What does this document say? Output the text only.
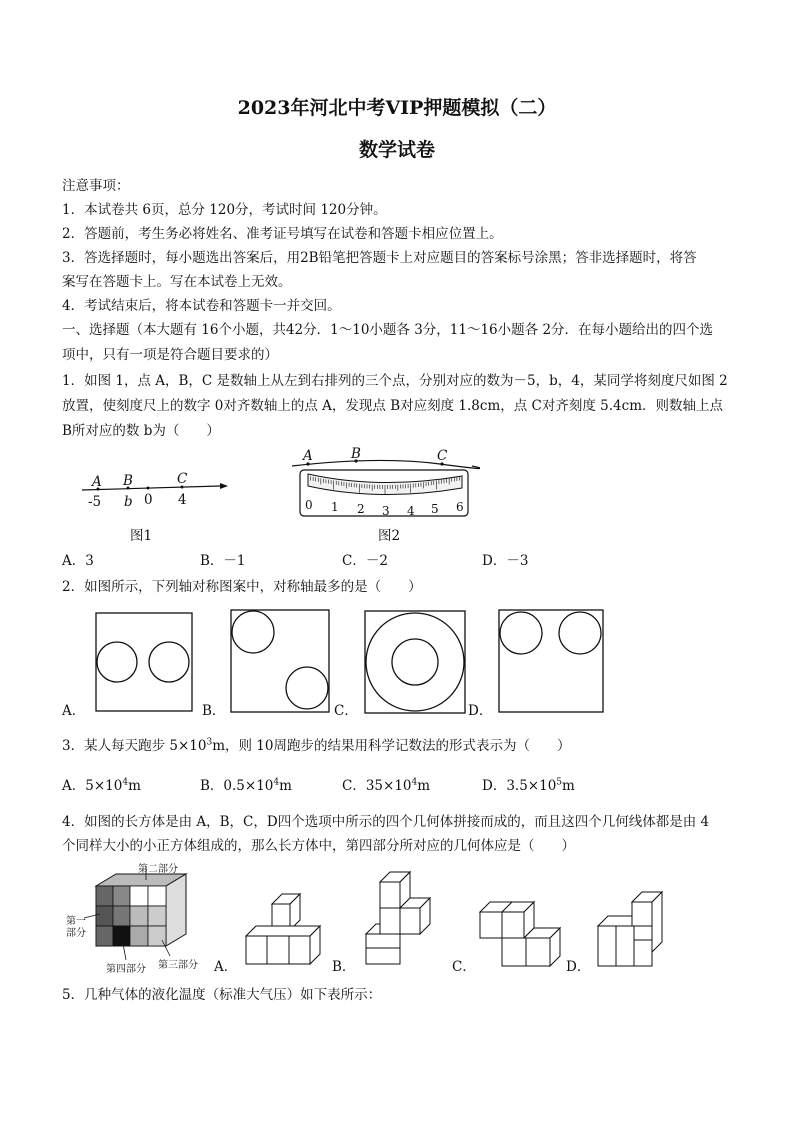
2023年河北中考VIP押题模拟（二）
数学试卷
注意事项：
1．本试卷共 6页，总分 120分，考试时间 120分钟。
2．答题前，考生务必将姓名、准考证号填写在试卷和答题卡相应位置上。
3．答选择题时，每小题选出答案后，用2B铅笔把答题卡上对应题目的答案标号涂黑；答非选择题时，将答
案写在答题卡上。写在本试卷上无效。
4．考试结束后，将本试卷和答题卡一并交回。
一、选择题（本大题有 16个小题，共42分．1～10小题各 3分，11～16小题各 2分．在每小题给出的四个选
项中，只有一项是符合题目要求的）
1．如图 1，点 A，B，C 是数轴上从左到右排列的三个点，分别对应的数为－5，b，4，某同学将刻度尺如图 2
放置，使刻度尺上的数字 0对齐数轴上的点 A，发现点 B对应刻度 1.8cm，点 C对齐刻度 5.4cm．则数轴上点
B所对应的数 b为（　　）
A B	C
-5 b 0 4
图1
A	B	C
0 1 2 3 4 5 6
图2
A．3	B．－1	C．－2	D．－3
2．如图所示，下列轴对称图案中，对称轴最多的是（　　）
A．	B．	C．	D．
3．某人每天跑步 $5\times 10^3m$，则 10周跑步的结果用科学记数法的形式表示为（　　）
A．$5\times 10^4m$	B．$0.5\times 10^4m$	C．$35\times 10^4m$	D．$3.5\times 10^5m$
4．如图的长方体是由 A，B，C，D四个选项中所示的四个几何体拼接而成的，而且这四个几何线体都是由 4
个同样大小的小正方体组成的，那么长方体中，第四部分所对应的几何体应是（　　）
第二部分
第一部分
第四部分 第三部分 A．	B．	C．	D．
5．几种气体的液化温度（标准大气压）如下表所示：
